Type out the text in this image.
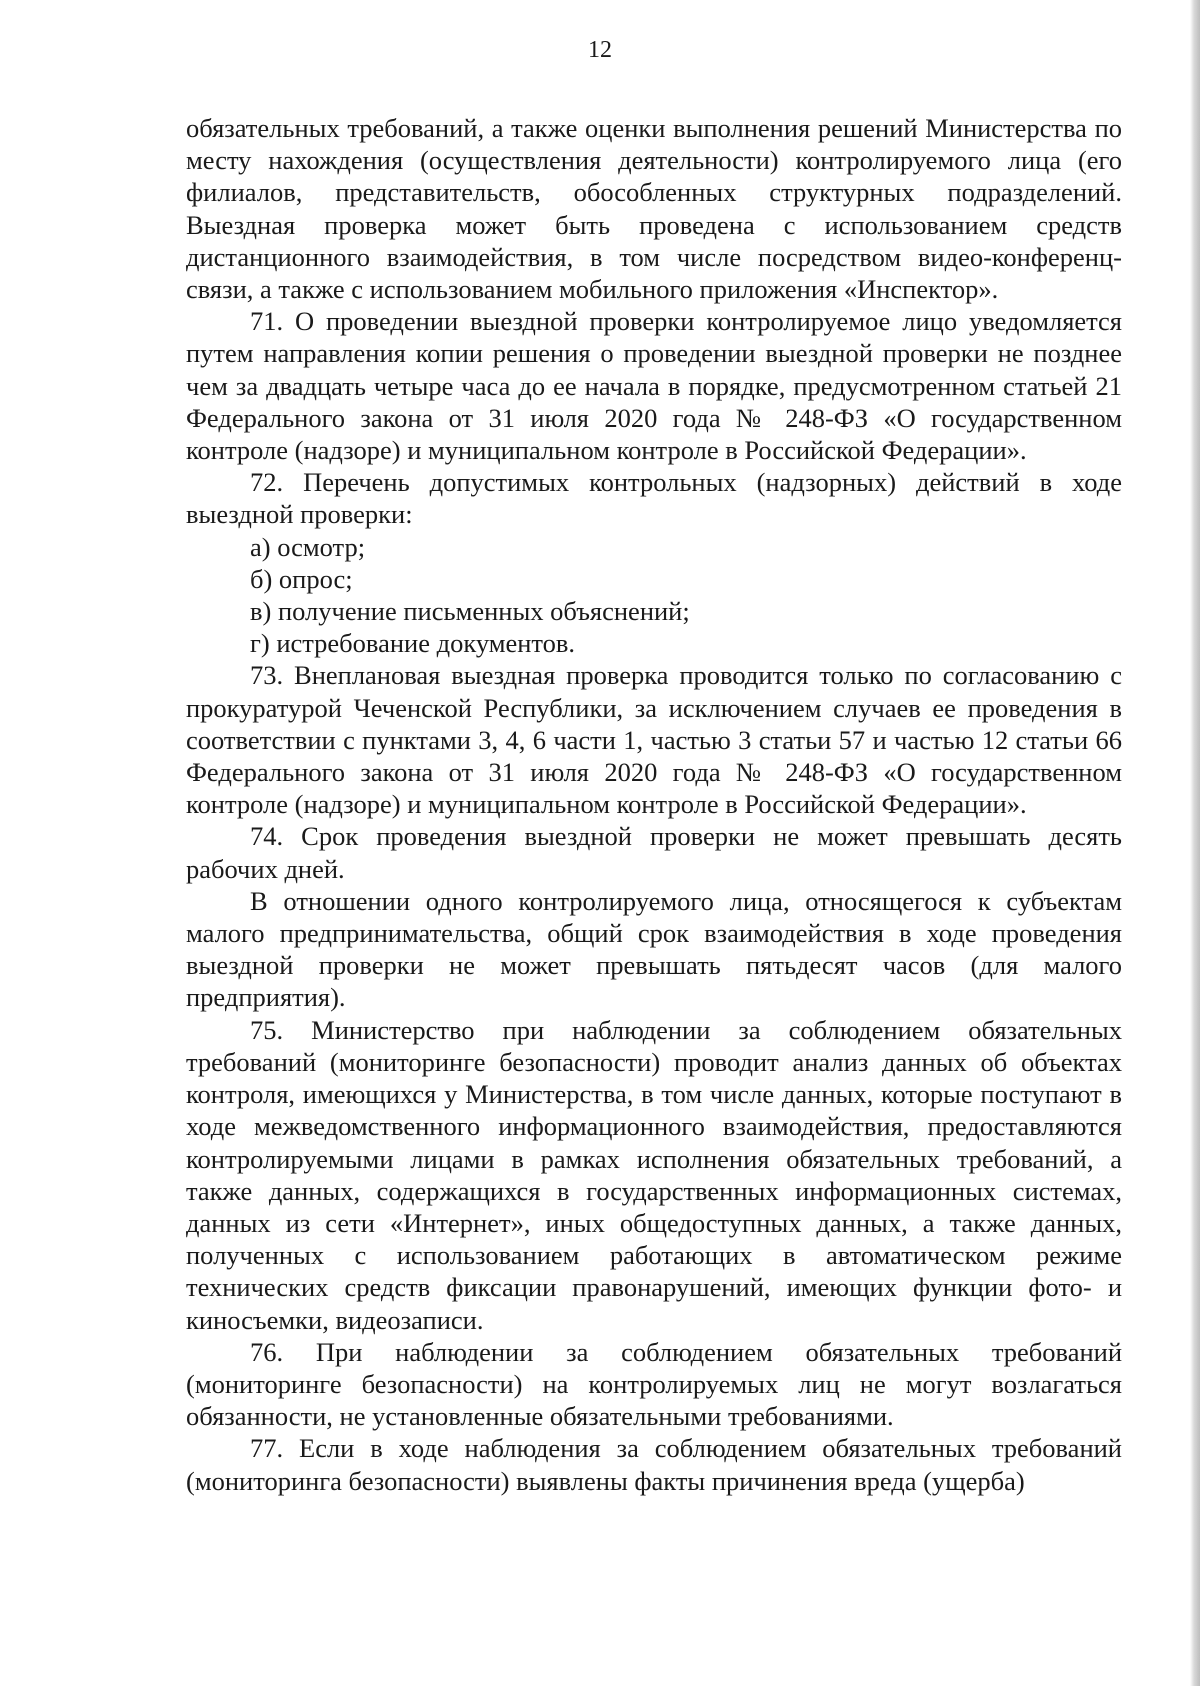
12

обязательных требований, а также оценки выполнения решений Министерства по месту нахождения (осуществления деятельности) контролируемого лица (его филиалов, представительств, обособленных структурных подразделений. Выездная проверка может быть проведена с использованием средств дистанционного взаимодействия, в том числе посредством видео-конференц-связи, а также с использованием мобильного приложения «Инспектор».

71. О проведении выездной проверки контролируемое лицо уведомляется путем направления копии решения о проведении выездной проверки не позднее чем за двадцать четыре часа до ее начала в порядке, предусмотренном статьей 21 Федерального закона от 31 июля 2020 года № 248-ФЗ «О государственном контроле (надзоре) и муниципальном контроле в Российской Федерации».

72. Перечень допустимых контрольных (надзорных) действий в ходе выездной проверки:

а) осмотр;

б) опрос;

в) получение письменных объяснений;

г) истребование документов.

73. Внеплановая выездная проверка проводится только по согласованию с прокуратурой Чеченской Республики, за исключением случаев ее проведения в соответствии с пунктами 3, 4, 6 части 1, частью 3 статьи 57 и частью 12 статьи 66 Федерального закона от 31 июля 2020 года № 248-ФЗ «О государственном контроле (надзоре) и муниципальном контроле в Российской Федерации».

74. Срок проведения выездной проверки не может превышать десять рабочих дней.

В отношении одного контролируемого лица, относящегося к субъектам малого предпринимательства, общий срок взаимодействия в ходе проведения выездной проверки не может превышать пятьдесят часов (для малого предприятия).

75. Министерство при наблюдении за соблюдением обязательных требований (мониторинге безопасности) проводит анализ данных об объектах контроля, имеющихся у Министерства, в том числе данных, которые поступают в ходе межведомственного информационного взаимодействия, предоставляются контролируемыми лицами в рамках исполнения обязательных требований, а также данных, содержащихся в государственных информационных системах, данных из сети «Интернет», иных общедоступных данных, а также данных, полученных с использованием работающих в автоматическом режиме технических средств фиксации правонарушений, имеющих функции фото- и киносъемки, видеозаписи.

76. При наблюдении за соблюдением обязательных требований (мониторинге безопасности) на контролируемых лиц не могут возлагаться обязанности, не установленные обязательными требованиями.

77. Если в ходе наблюдения за соблюдением обязательных требований (мониторинга безопасности) выявлены факты причинения вреда (ущерба)
